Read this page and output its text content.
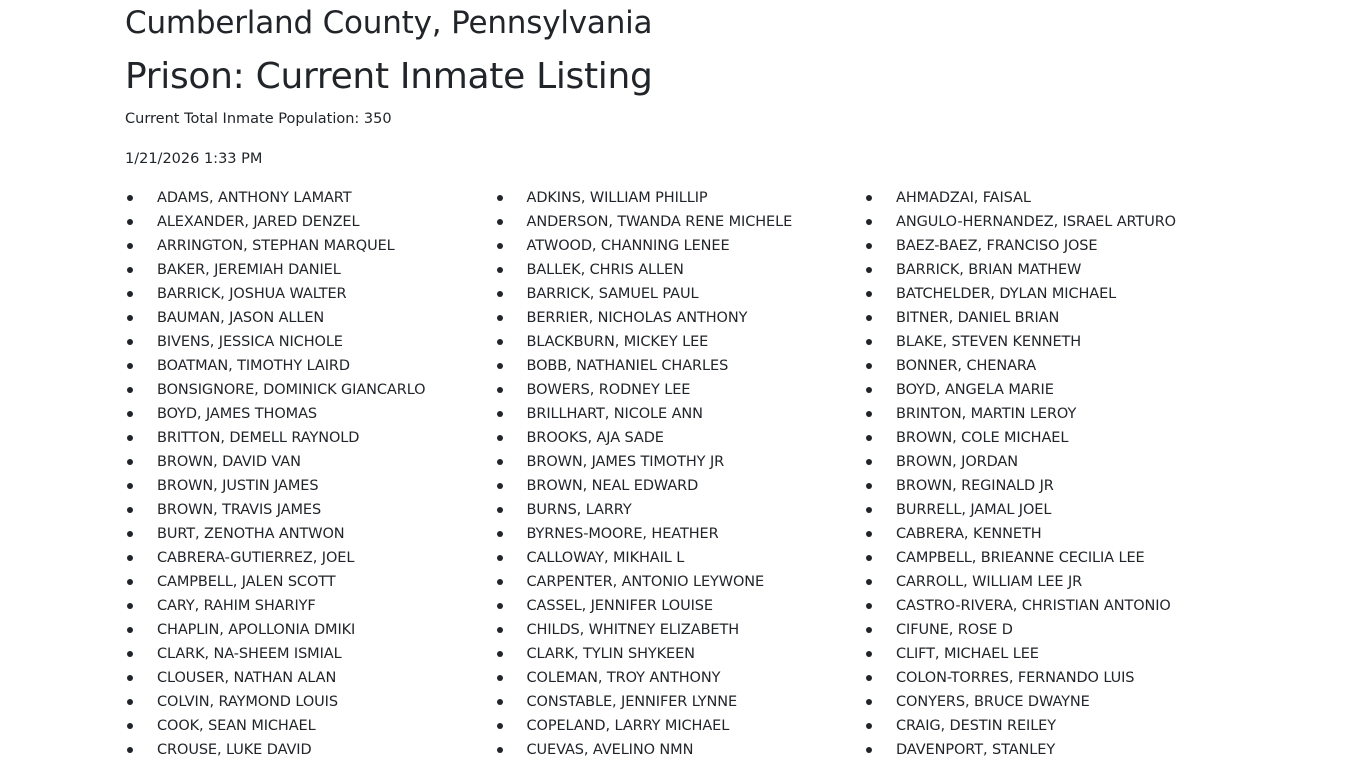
Cumberland County, Pennsylvania
Prison: Current Inmate Listing
Current Total Inmate Population: 350
1/21/2026 1:33 PM
ADAMS, ANTHONY LAMART	ADKINS, WILLIAM PHILLIP	AHMADZAI, FAISAL
ALEXANDER, JARED DENZEL	ANDERSON, TWANDA RENE MICHELE	ANGULO-HERNANDEZ, ISRAEL ARTURO
ARRINGTON, STEPHAN MARQUEL	ATWOOD, CHANNING LENEE	BAEZ-BAEZ, FRANCISO JOSE
BAKER, JEREMIAH DANIEL	BALLEK, CHRIS ALLEN	BARRICK, BRIAN MATHEW
BARRICK, JOSHUA WALTER	BARRICK, SAMUEL PAUL	BATCHELDER, DYLAN MICHAEL
BAUMAN, JASON ALLEN	BERRIER, NICHOLAS ANTHONY	BITNER, DANIEL BRIAN
BIVENS, JESSICA NICHOLE	BLACKBURN, MICKEY LEE	BLAKE, STEVEN KENNETH
BOATMAN, TIMOTHY LAIRD	BOBB, NATHANIEL CHARLES	BONNER, CHENARA
BONSIGNORE, DOMINICK GIANCARLO	BOWERS, RODNEY LEE	BOYD, ANGELA MARIE
BOYD, JAMES THOMAS	BRILLHART, NICOLE ANN	BRINTON, MARTIN LEROY
BRITTON, DEMELL RAYNOLD	BROOKS, AJA SADE	BROWN, COLE MICHAEL
BROWN, DAVID VAN	BROWN, JAMES TIMOTHY JR	BROWN, JORDAN
BROWN, JUSTIN JAMES	BROWN, NEAL EDWARD	BROWN, REGINALD JR
BROWN, TRAVIS JAMES	BURNS, LARRY	BURRELL, JAMAL JOEL
BURT, ZENOTHA ANTWON	BYRNES-MOORE, HEATHER	CABRERA, KENNETH
CABRERA-GUTIERREZ, JOEL	CALLOWAY, MIKHAIL L	CAMPBELL, BRIEANNE CECILIA LEE
CAMPBELL, JALEN SCOTT	CARPENTER, ANTONIO LEYWONE	CARROLL, WILLIAM LEE JR
CARY, RAHIM SHARIYF	CASSEL, JENNIFER LOUISE	CASTRO-RIVERA, CHRISTIAN ANTONIO
CHAPLIN, APOLLONIA DMIKI	CHILDS, WHITNEY ELIZABETH	CIFUNE, ROSE D
CLARK, NA-SHEEM ISMIAL	CLARK, TYLIN SHYKEEN	CLIFT, MICHAEL LEE
CLOUSER, NATHAN ALAN	COLEMAN, TROY ANTHONY	COLON-TORRES, FERNANDO LUIS
COLVIN, RAYMOND LOUIS	CONSTABLE, JENNIFER LYNNE	CONYERS, BRUCE DWAYNE
COOK, SEAN MICHAEL	COPELAND, LARRY MICHAEL	CRAIG, DESTIN REILEY
CROUSE, LUKE DAVID	CUEVAS, AVELINO NMN	DAVENPORT, STANLEY
